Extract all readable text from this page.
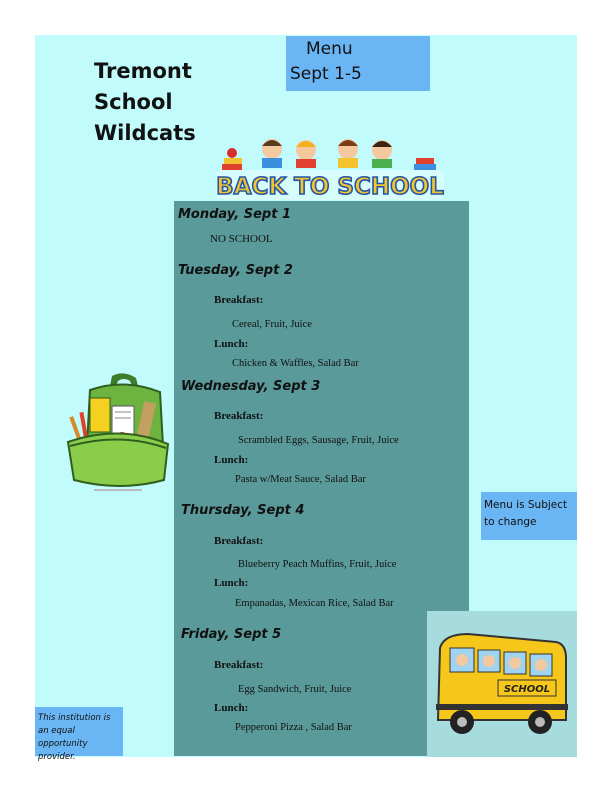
Tremont
School
Wildcats
Menu
Sept 1-5
BACK TO SCHOOL
Monday, Sept 1
NO SCHOOL
Tuesday, Sept 2
Breakfast:
Cereal, Fruit, Juice
Lunch:
Chicken & Waffles, Salad Bar
Wednesday, Sept 3
Breakfast:
Scrambled Eggs, Sausage, Fruit, Juice
Lunch:
Pasta w/Meat Sauce, Salad Bar
Thursday, Sept 4
Breakfast:
Blueberry Peach Muffins, Fruit, Juice
Lunch:
Empanadas, Mexican Rice, Salad Bar
Friday, Sept 5
Breakfast:
Egg Sandwich, Fruit, Juice
Lunch:
Pepperoni Pizza , Salad Bar
Menu is Subject to change
SCHOOL
This institution is an equal opportunity provider.
